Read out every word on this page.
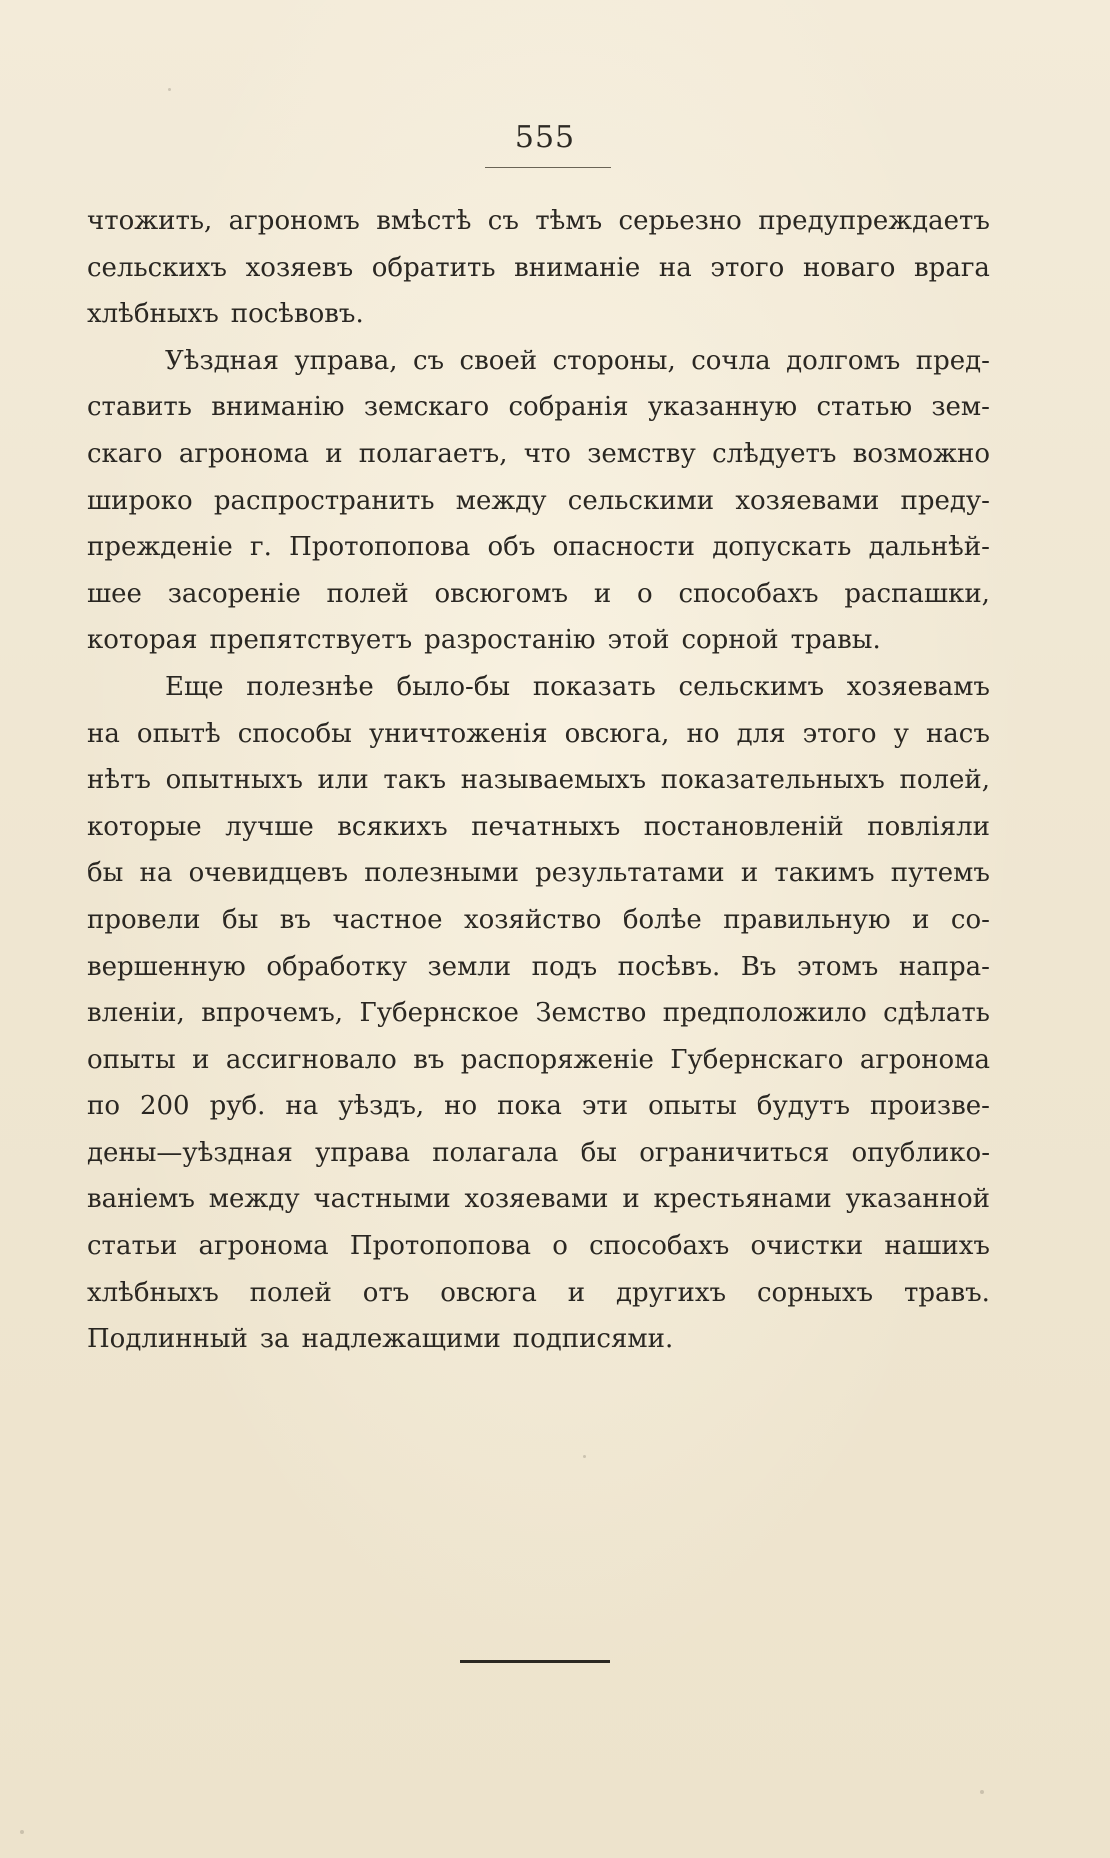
555
чтожить, агрономъ вмѣстѣ съ тѣмъ серьезно предупреждаетъ
сельскихъ хозяевъ обратить вниманіе на этого новаго врага
хлѣбныхъ посѣвовъ.
Уѣздная управа, съ своей стороны, сочла долгомъ пред-
ставить вниманію земскаго собранія указанную статью зем-
скаго агронома и полагаетъ, что земству слѣдуетъ возможно
широко распространить между сельскими хозяевами преду-
прежденіе г. Протопопова объ опасности допускать дальнѣй-
шее засореніе полей овсюгомъ и о способахъ распашки,
которая препятствуетъ разростанію этой сорной травы.
Еще полезнѣе было-бы показать сельскимъ хозяевамъ
на опытѣ способы уничтоженія овсюга, но для этого у насъ
нѣтъ опытныхъ или такъ называемыхъ показательныхъ полей,
которые лучше всякихъ печатныхъ постановленій повліяли
бы на очевидцевъ полезными результатами и такимъ путемъ
провели бы въ частное хозяйство болѣе правильную и со-
вершенную обработку земли подъ посѣвъ. Въ этомъ напра-
вленіи, впрочемъ, Губернское Земство предположило сдѣлать
опыты и ассигновало въ распоряженіе Губернскаго агронома
по 200 руб. на уѣздъ, но пока эти опыты будутъ произве-
дены—уѣздная управа полагала бы ограничиться опублико-
ваніемъ между частными хозяевами и крестьянами указанной
статьи агронома Протопопова о способахъ очистки нашихъ
хлѣбныхъ полей отъ овсюга и другихъ сорныхъ травъ.
Подлинный за надлежащими подписями.
